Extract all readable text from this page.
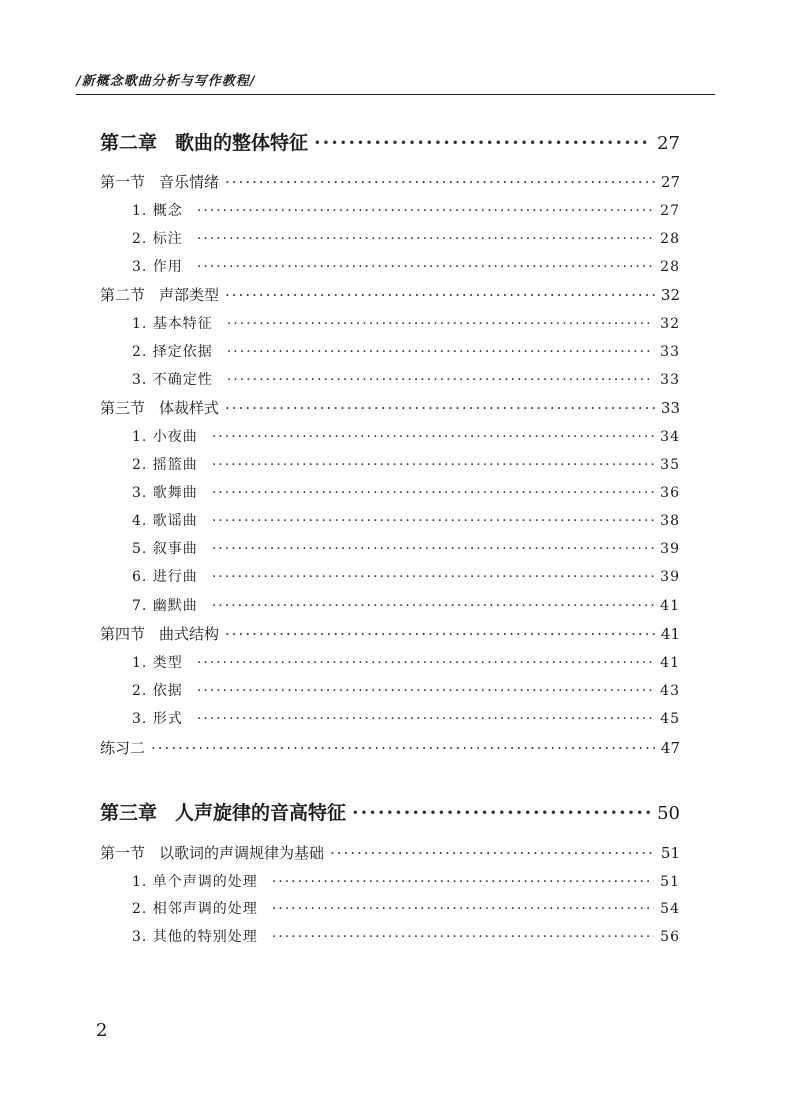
/新概念歌曲分析与写作教程/
第二章 歌曲的整体特征 ·····	27
第一节 音乐情绪 ·····	27
1. 概念 ·····	27
2. 标注 ·····	28
3. 作用 ·····	28
第二节 声部类型 ·····	32
1. 基本特征 ·····	32
2. 择定依据 ·····	33
3. 不确定性 ·····	33
第三节 体裁样式 ·····	33
1. 小夜曲 ·····	34
2. 摇篮曲 ·····	35
3. 歌舞曲 ·····	36
4. 歌谣曲 ·····	38
5. 叙事曲 ·····	39
6. 进行曲 ·····	39
7. 幽默曲 ·····	41
第四节 曲式结构 ·····	41
1. 类型 ·····	41
2. 依据 ·····	43
3. 形式 ·····	45
练习二 ·····	47
第三章 人声旋律的音高特征 ·····	50
第一节 以歌词的声调规律为基础 ·····	51
1. 单个声调的处理 ·····	51
2. 相邻声调的处理 ·····	54
3. 其他的特别处理 ·····	56
2
